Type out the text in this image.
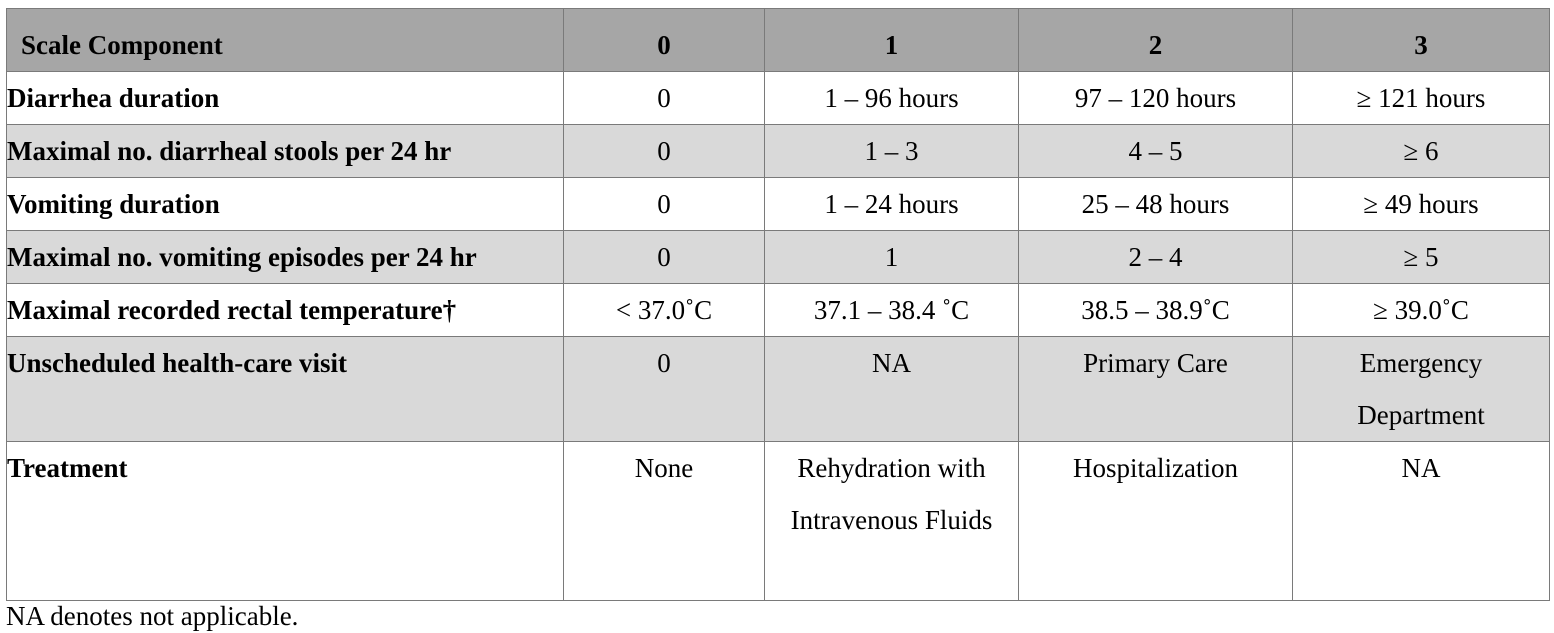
Scale Component	0	1	2	3
Diarrhea duration	0	1 – 96 hours	97 – 120 hours	≥ 121 hours
Maximal no. diarrheal stools per 24 hr	0	1 – 3	4 – 5	≥ 6
Vomiting duration	0	1 – 24 hours	25 – 48 hours	≥ 49 hours
Maximal no. vomiting episodes per 24 hr	0	1	2 – 4	≥ 5
Maximal recorded rectal temperature†	< 37.0˚C	37.1 – 38.4 ˚C	38.5 – 38.9˚C	≥ 39.0˚C
Unscheduled health-care visit	0	NA	Primary Care	Emergency Department
Treatment	None	Rehydration with Intravenous Fluids	Hospitalization	NA
NA denotes not applicable.
